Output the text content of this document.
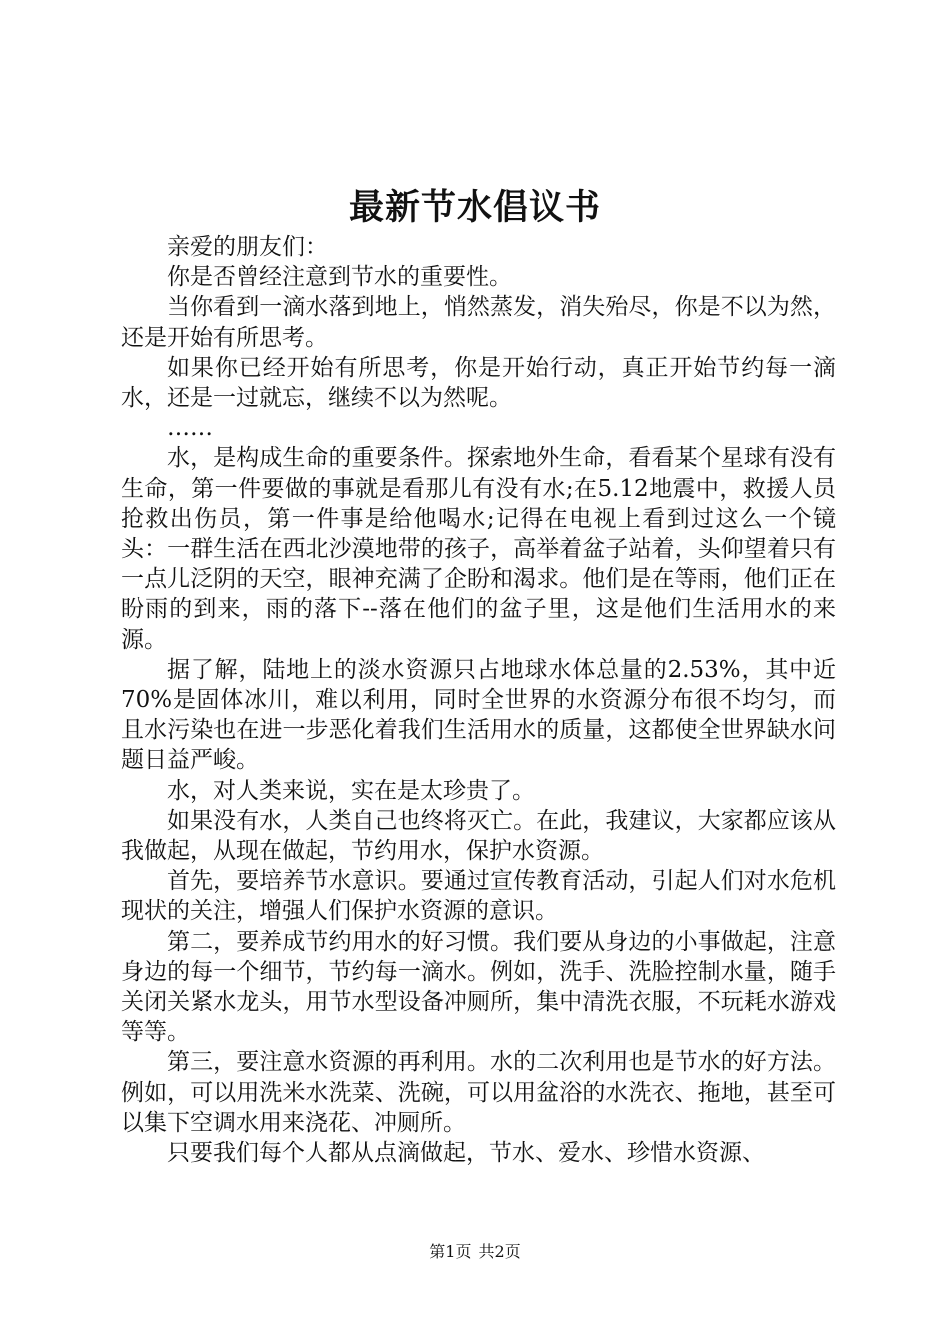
最新节水倡议书

亲爱的朋友们：

你是否曾经注意到节水的重要性。

当你看到一滴水落到地上，悄然蒸发，消失殆尽，你是不以为然，还是开始有所思考。

如果你已经开始有所思考，你是开始行动，真正开始节约每一滴水，还是一过就忘，继续不以为然呢。

……

水，是构成生命的重要条件。探索地外生命，看看某个星球有没有生命，第一件要做的事就是看那儿有没有水;在5.12地震中，救援人员抢救出伤员，第一件事是给他喝水;记得在电视上看到过这么一个镜头：一群生活在西北沙漠地带的孩子，高举着盆子站着，头仰望着只有一点儿泛阴的天空，眼神充满了企盼和渴求。他们是在等雨，他们正在盼雨的到来，雨的落下--落在他们的盆子里，这是他们生活用水的来源。

据了解，陆地上的淡水资源只占地球水体总量的2.53%，其中近70%是固体冰川，难以利用，同时全世界的水资源分布很不均匀，而且水污染也在进一步恶化着我们生活用水的质量，这都使全世界缺水问题日益严峻。

水，对人类来说，实在是太珍贵了。

如果没有水，人类自己也终将灭亡。在此，我建议，大家都应该从我做起，从现在做起，节约用水，保护水资源。

首先，要培养节水意识。要通过宣传教育活动，引起人们对水危机现状的关注，增强人们保护水资源的意识。

第二，要养成节约用水的好习惯。我们要从身边的小事做起，注意身边的每一个细节，节约每一滴水。例如，洗手、洗脸控制水量，随手关闭关紧水龙头，用节水型设备冲厕所，集中清洗衣服，不玩耗水游戏等等。

第三，要注意水资源的再利用。水的二次利用也是节水的好方法。例如，可以用洗米水洗菜、洗碗，可以用盆浴的水洗衣、拖地，甚至可以集下空调水用来浇花、冲厕所。

只要我们每个人都从点滴做起，节水、爱水、珍惜水资源、

第1页 共2页
